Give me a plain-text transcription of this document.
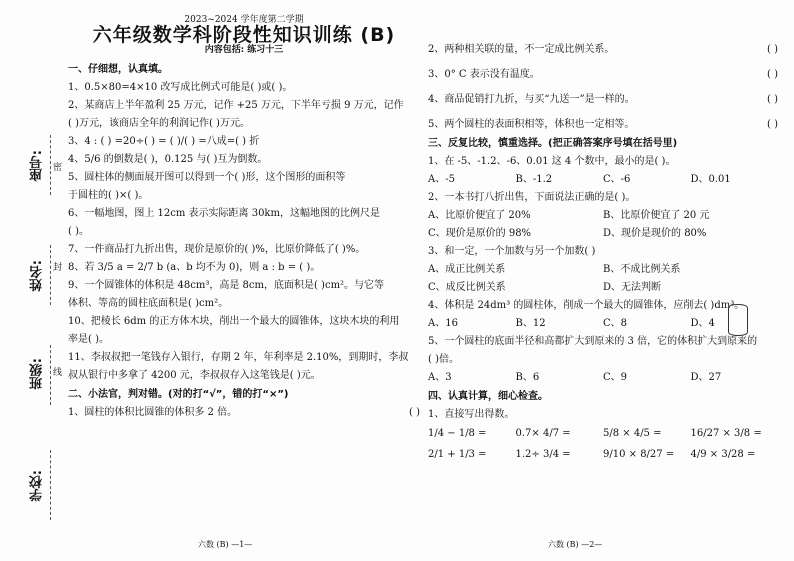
座号:
姓名:
班级:
学校:
密
封
线
2023~2024 学年度第二学期
六年级数学科阶段性知识训练 (B)
内容包括: 练习十三
一、仔细想，认真填。
1、0.5×80=4×10 改写成比例式可能是( )或( )。
2、某商店上半年盈利 25 万元，记作 +25 万元，下半年亏损 9 万元，记作
( )万元，该商店全年的利润记作( )万元。
3、4 : ( ) =20÷( ) = ( )/( ) =八成=( ) 折
4、5/6 的倒数是( )，0.125 与( )互为倒数。
5、圆柱体的侧面展开图可以得到一个( )形，这个图形的面积等
于圆柱的( )×( )。
6、一幅地图，图上 12cm 表示实际距离 30km，这幅地图的比例尺是
( )。
7、一件商品打九折出售，现价是原价的( )%，比原价降低了( )%。
8、若 3/5 a = 2/7 b (a、b 均不为 0)，则 a : b = ( )。
9、一个圆锥体的体积是 48cm³，高是 8cm，底面积是( )cm²。与它等
体积、等高的圆柱底面积是( )cm²。
10、把棱长 6dm 的正方体木块，削出一个最大的圆锥体，这块木块的利用
率是( )。
11、李叔叔把一笔钱存入银行，存期 2 年，年利率是 2.10%，到期时，李叔
叔从银行中多拿了 4200 元，李叔叔存入这笔钱是( )元。
二、小法官，判对错。(对的打“√”，错的打“×”)
1、圆柱的体积比圆锥的体积多 2 倍。	( )
六数 (B) —1—
2、两种相关联的量，不一定成比例关系。	( )
3、0° C 表示没有温度。	( )
4、商品促销打九折，与买“九送一”是一样的。	( )
5、两个圆柱的表面积相等，体积也一定相等。	( )
三、反复比较，慎重选择。(把正确答案序号填在括号里)
1、在 -5、-1.2、-6、0.01 这 4 个数中，最小的是( )。
A、-5	B、-1.2	C、-6	D、0.01
2、一本书打八折出售，下面说法正确的是( )。
A、比原价便宜了 20%	B、比原价便宜了 20 元
C、现价是原价的 98%	D、现价是现价的 80%
3、和一定，一个加数与另一个加数( )
A、成正比例关系	B、不成比例关系
C、成反比例关系	D、无法判断
4、体积是 24dm³ 的圆柱体，削成一个最大的圆锥体，应削去( )dm³。
A、16	B、12	C、8	D、4
5、一个圆柱的底面半径和高都扩大到原来的 3 倍，它的体积扩大到原来的
( )倍。
A、3	B、6	C、9	D、27
四、认真计算，细心检查。
1、直接写出得数。
1/4 − 1/8 =	0.7× 4/7 =	5/8 × 4/5 =	16/27 × 3/8 =
2/1 + 1/3 =	1.2÷ 3/4 =	9/10 × 8/27 =	4/9 × 3/28 =
六数 (B) —2—
